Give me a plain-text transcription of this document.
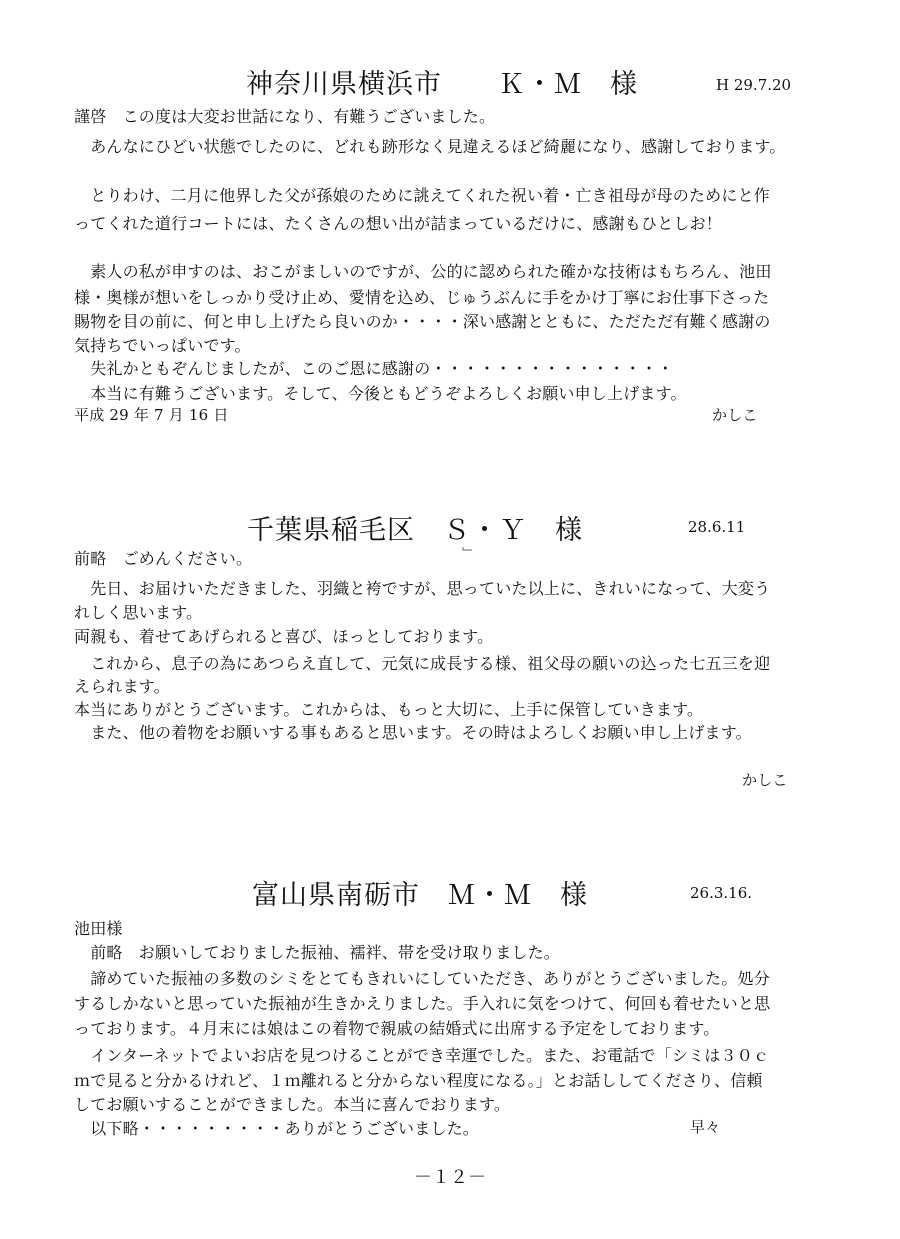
神奈川県横浜市　　Ｋ・Ｍ　様	H 29.7.20
謹啓　この度は大変お世話になり、有難うございました。
　あんなにひどい状態でしたのに、どれも跡形なく見違えるほど綺麗になり、感謝しております。
　とりわけ、二月に他界した父が孫娘のために誂えてくれた祝い着・亡き祖母が母のためにと作
ってくれた道行コートには、たくさんの想い出が詰まっているだけに、感謝もひとしお！
　素人の私が申すのは、おこがましいのですが、公的に認められた確かな技術はもちろん、池田
様・奥様が想いをしっかり受け止め、愛情を込め、じゅうぶんに手をかけ丁寧にお仕事下さった
賜物を目の前に、何と申し上げたら良いのか・・・・深い感謝とともに、ただただ有難く感謝の
気持ちでいっぱいです。
　失礼かともぞんじましたが、このご恩に感謝の・・・・・・・・・・・・・・・
　本当に有難うございます。そして、今後ともどうぞよろしくお願い申し上げます。
平成 29 年 7 月 16 日	かしこ
千葉県稲毛区　Ｓ・Ｙ　様	28.6.11
前略　ごめんください。
　先日、お届けいただきました、羽織と袴ですが、思っていた以上に、きれいになって、大変う
れしく思います。
両親も、着せてあげられると喜び、ほっとしております。
　これから、息子の為にあつらえ直して、元気に成長する様、祖父母の願いの込った七五三を迎
えられます。
本当にありがとうございます。これからは、もっと大切に、上手に保管していきます。
　また、他の着物をお願いする事もあると思います。その時はよろしくお願い申し上げます。
かしこ
富山県南砺市　Ｍ・Ｍ　様	26.3.16.
池田様
　前略　お願いしておりました振袖、襦袢、帯を受け取りました。
　諦めていた振袖の多数のシミをとてもきれいにしていただき、ありがとうございました。処分
するしかないと思っていた振袖が生きかえりました。手入れに気をつけて、何回も着せたいと思
っております。４月末には娘はこの着物で親戚の結婚式に出席する予定をしております。
　インターネットでよいお店を見つけることができ幸運でした。また、お電話で「シミは３０ｃ
ｍで見ると分かるけれど、１ｍ離れると分からない程度になる。」とお話ししてくださり、信頼
してお願いすることができました。本当に喜んでおります。
　以下略・・・・・・・・・ありがとうございました。	早々
－１２－
